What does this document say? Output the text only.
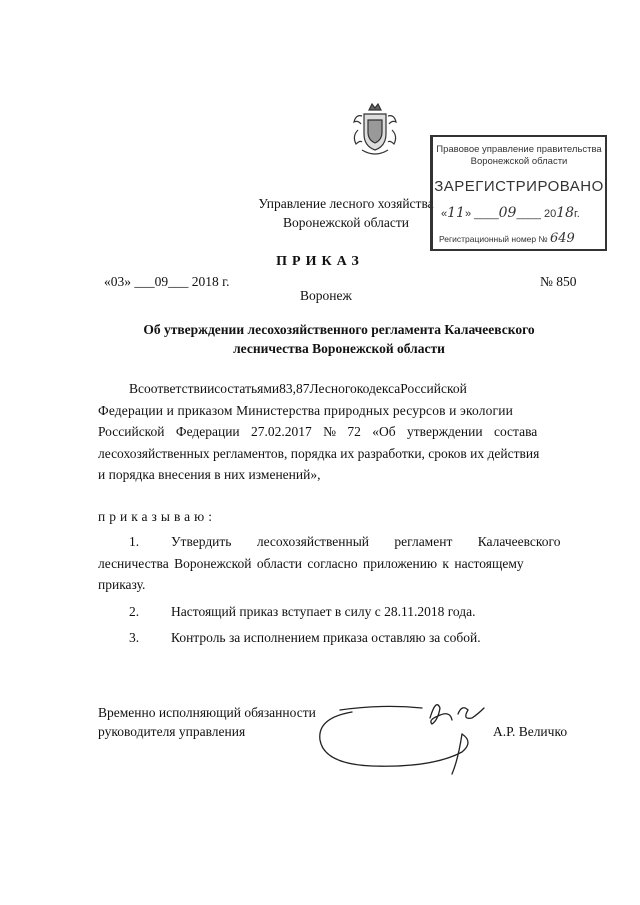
Управление лесного хозяйства
Воронежской области
Правовое управление правительства
Воронежской области
ЗАРЕГИСТРИРОВАНО
«11» ____09____ 2018г.
Регистрационный номер № 649
ПРИКАЗ
«03» ___09___ 2018 г.	№ 850
Воронеж
Об утверждении лесохозяйственного регламента Калачеевского
лесничества Воронежской области
Всоответствиисостатьями83,87ЛесногокодексаРоссийской
Федерации и приказом Министерства природных ресурсов и экологии
Российской Федерации 27.02.2017 № 72 «Об утверждении состава
лесохозяйственных регламентов, порядка их разработки, сроков их действия
и порядка внесения в них изменений»,
приказываю:
1.	Утвердить лесохозяйственный регламент Калачеевского
лесничества Воронежской области согласно приложению к настоящему
приказу.
2.	Настоящий приказ вступает в силу с 28.11.2018 года.
3.	Контроль за исполнением приказа оставляю за собой.
Временно исполняющий обязанности
руководителя управления	А.Р. Величко
